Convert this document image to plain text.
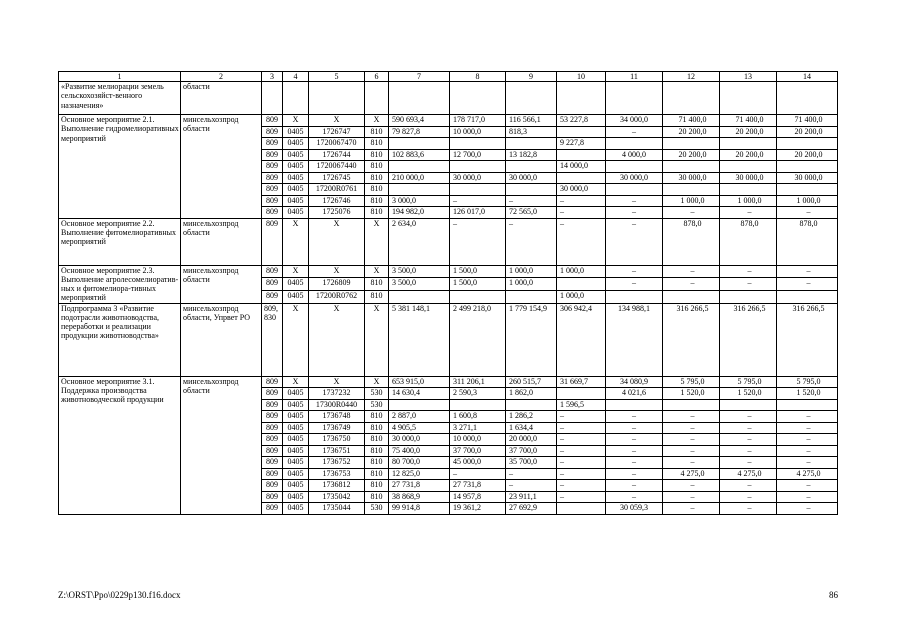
1	2	3	4	5	6	7	8	9	10	11	12	13	14
«Развитие мелиорации земель сельскохозяйст-венного назначения»	области												
Основное мероприятие 2.1. Выполнение гидромелиоративных мероприятий	минсельхозпрод области	809	Х	Х	Х	590 693,4	178 717,0	116 566,1	53 227,8	34 000,0	71 400,0	71 400,0	71 400,0
		809	0405	1726747	810	79 827,8	10 000,0	818,3		–	20 200,0	20 200,0	20 200,0
		809	0405	1720067470	810				9 227,8				
		809	0405	1726744	810	102 883,6	12 700,0	13 182,8		4 000,0	20 200,0	20 200,0	20 200,0
		809	0405	1720067440	810				14 000,0				
		809	0405	1726745	810	210 000,0	30 000,0	30 000,0		30 000,0	30 000,0	30 000,0	30 000,0
		809	0405	17200R0761	810				30 000,0				
		809	0405	1726746	810	3 000,0	–	–	–	–	1 000,0	1 000,0	1 000,0
		809	0405	1725076	810	194 982,0	126 017,0	72 565,0	–	–	–	–	–
Основное мероприятие 2.2. Выполнение фитомелиоративных мероприятий	минсельхозпрод области	809	Х	Х	Х	2 634,0	–	–	–	–	878,0	878,0	878,0
Основное мероприятие 2.3. Выполнение агролесомелиоратив-ных и фитомелиора-тивных мероприятий	минсельхозпрод области	809	Х	Х	Х	3 500,0	1 500,0	1 000,0	1 000,0	–	–	–	–
		809	0405	1726809	810	3 500,0	1 500,0	1 000,0		–	–	–	–
		809	0405	17200R0762	810				1 000,0				
Подпрограмма 3 «Развитие подотрасли животноводства, переработки и реализации продукции животноводства»	минсельхозпрод области, Упрвет РО	809, 830	Х	Х	Х	5 381 148,1	2 499 218,0	1 779 154,9	306 942,4	134 988,1	316 266,5	316 266,5	316 266,5
Основное мероприятие 3.1. Поддержка производства животноводческой продукции	минсельхозпрод области	809	Х	Х	Х	653 915,0	311 206,1	260 515,7	31 669,7	34 080,9	5 795,0	5 795,0	5 795,0
		809	0405	1737232	530	14 630,4	2 590,3	1 862,0		4 021,6	1 520,0	1 520,0	1 520,0
		809	0405	17300R0440	530				1 596,5				
		809	0405	1736748	810	2 887,0	1 600,8	1 286,2	–	–	–	–	–
		809	0405	1736749	810	4 905,5	3 271,1	1 634,4	–	–	–	–	–
		809	0405	1736750	810	30 000,0	10 000,0	20 000,0	–	–	–	–	–
		809	0405	1736751	810	75 400,0	37 700,0	37 700,0	–	–	–	–	–
		809	0405	1736752	810	80 700,0	45 000,0	35 700,0	–	–	–	–	–
		809	0405	1736753	810	12 825,0	–	–	–	–	4 275,0	4 275,0	4 275,0
		809	0405	1736812	810	27 731,8	27 731,8	–	–	–	–	–	–
		809	0405	1735042	810	38 868,9	14 957,8	23 911,1	–	–	–	–	–
		809	0405	1735044	530	99 914,8	19 361,2	27 692,9		30 059,3	–	–	–
Z:\ORST\Ppo\0229p130.f16.docx	86
